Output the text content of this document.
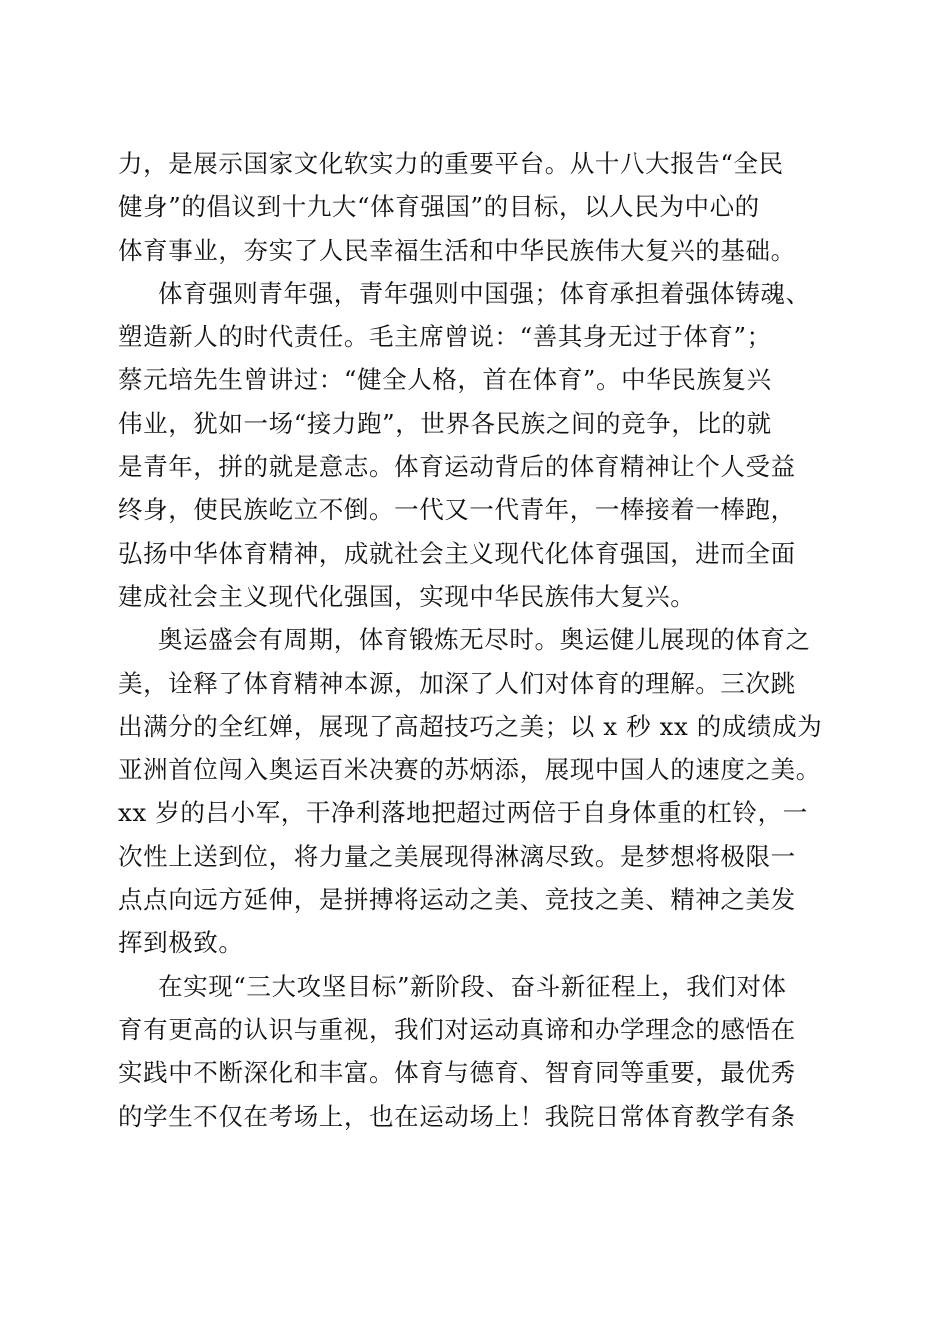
力，是展示国家文化软实力的重要平台。从十八大报告“全民
健身”的倡议到十九大“体育强国”的目标，以人民为中心的
体育事业，夯实了人民幸福生活和中华民族伟大复兴的基础。
体育强则青年强，青年强则中国强；体育承担着强体铸魂、
塑造新人的时代责任。毛主席曾说：“善其身无过于体育”；
蔡元培先生曾讲过：“健全人格，首在体育”。中华民族复兴
伟业，犹如一场“接力跑”，世界各民族之间的竞争，比的就
是青年，拼的就是意志。体育运动背后的体育精神让个人受益
终身，使民族屹立不倒。一代又一代青年，一棒接着一棒跑，
弘扬中华体育精神，成就社会主义现代化体育强国，进而全面
建成社会主义现代化强国，实现中华民族伟大复兴。
奥运盛会有周期，体育锻炼无尽时。奥运健儿展现的体育之
美，诠释了体育精神本源，加深了人们对体育的理解。三次跳
出满分的全红婵，展现了高超技巧之美；以 x 秒 xx 的成绩成为
亚洲首位闯入奥运百米决赛的苏炳添，展现中国人的速度之美。
xx 岁的吕小军，干净利落地把超过两倍于自身体重的杠铃，一
次性上送到位，将力量之美展现得淋漓尽致。是梦想将极限一
点点向远方延伸，是拼搏将运动之美、竞技之美、精神之美发
挥到极致。
在实现“三大攻坚目标”新阶段、奋斗新征程上，我们对体
育有更高的认识与重视，我们对运动真谛和办学理念的感悟在
实践中不断深化和丰富。体育与德育、智育同等重要，最优秀
的学生不仅在考场上，也在运动场上！我院日常体育教学有条
